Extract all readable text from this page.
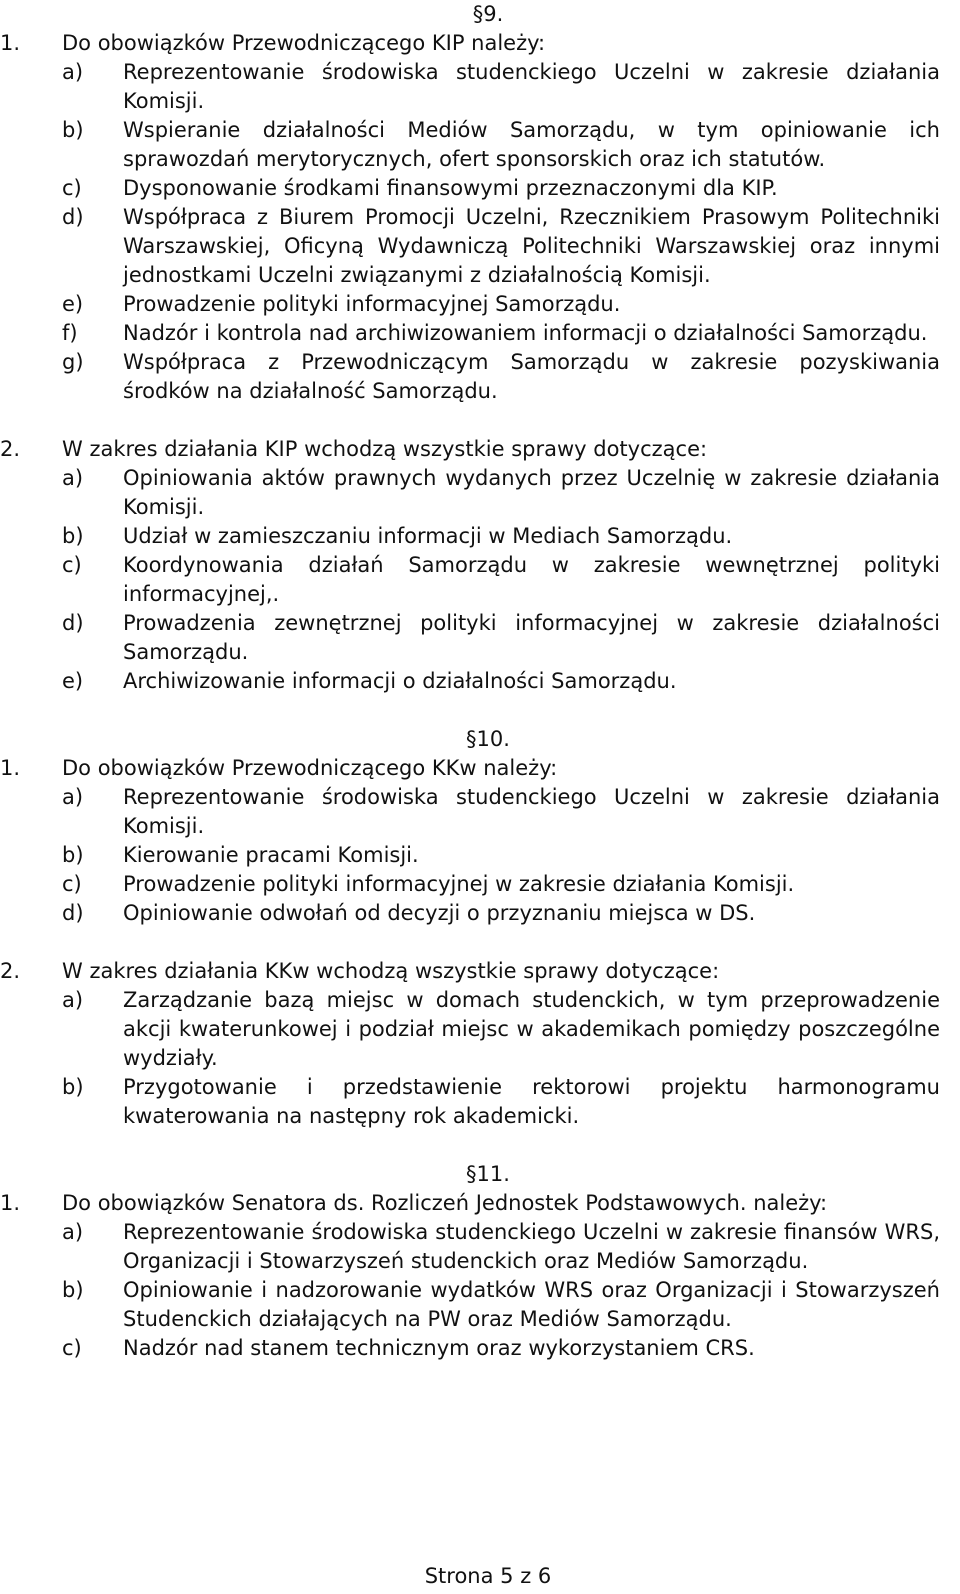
§9.
1. Do obowiązków Przewodniczącego KIP należy:
a) Reprezentowanie środowiska studenckiego Uczelni w zakresie działania Komisji.
b) Wspieranie działalności Mediów Samorządu, w tym opiniowanie ich sprawozdań merytorycznych, ofert sponsorskich oraz ich statutów.
c) Dysponowanie środkami finansowymi przeznaczonymi dla KIP.
d) Współpraca z Biurem Promocji Uczelni, Rzecznikiem Prasowym Politechniki Warszawskiej, Oficyną Wydawniczą Politechniki Warszawskiej oraz innymi jednostkami Uczelni związanymi z działalnością Komisji.
e) Prowadzenie polityki informacyjnej Samorządu.
f) Nadzór i kontrola nad archiwizowaniem informacji o działalności Samorządu.
g) Współpraca z Przewodniczącym Samorządu w zakresie pozyskiwania środków na działalność Samorządu.
2. W zakres działania KIP wchodzą wszystkie sprawy dotyczące:
a) Opiniowania aktów prawnych wydanych przez Uczelnię w zakresie działania Komisji.
b) Udział w zamieszczaniu informacji w Mediach Samorządu.
c) Koordynowania działań Samorządu w zakresie wewnętrznej polityki informacyjnej,.
d) Prowadzenia zewnętrznej polityki informacyjnej w zakresie działalności Samorządu.
e) Archiwizowanie informacji o działalności Samorządu.
§10.
1. Do obowiązków Przewodniczącego KKw należy:
a) Reprezentowanie środowiska studenckiego Uczelni w zakresie działania Komisji.
b) Kierowanie pracami Komisji.
c) Prowadzenie polityki informacyjnej w zakresie działania Komisji.
d) Opiniowanie odwołań od decyzji o przyznaniu miejsca w DS.
2. W zakres działania KKw wchodzą wszystkie sprawy dotyczące:
a) Zarządzanie bazą miejsc w domach studenckich, w tym przeprowadzenie akcji kwaterunkowej i podział miejsc w akademikach pomiędzy poszczególne wydziały.
b) Przygotowanie i przedstawienie rektorowi projektu harmonogramu kwaterowania na następny rok akademicki.
§11.
1. Do obowiązków Senatora ds. Rozliczeń Jednostek Podstawowych. należy:
a) Reprezentowanie środowiska studenckiego Uczelni w zakresie finansów WRS, Organizacji i Stowarzyszeń studenckich oraz Mediów Samorządu.
b) Opiniowanie i nadzorowanie wydatków WRS oraz Organizacji i Stowarzyszeń Studenckich działających na PW oraz Mediów Samorządu.
c) Nadzór nad stanem technicznym oraz wykorzystaniem CRS.
Strona 5 z 6
